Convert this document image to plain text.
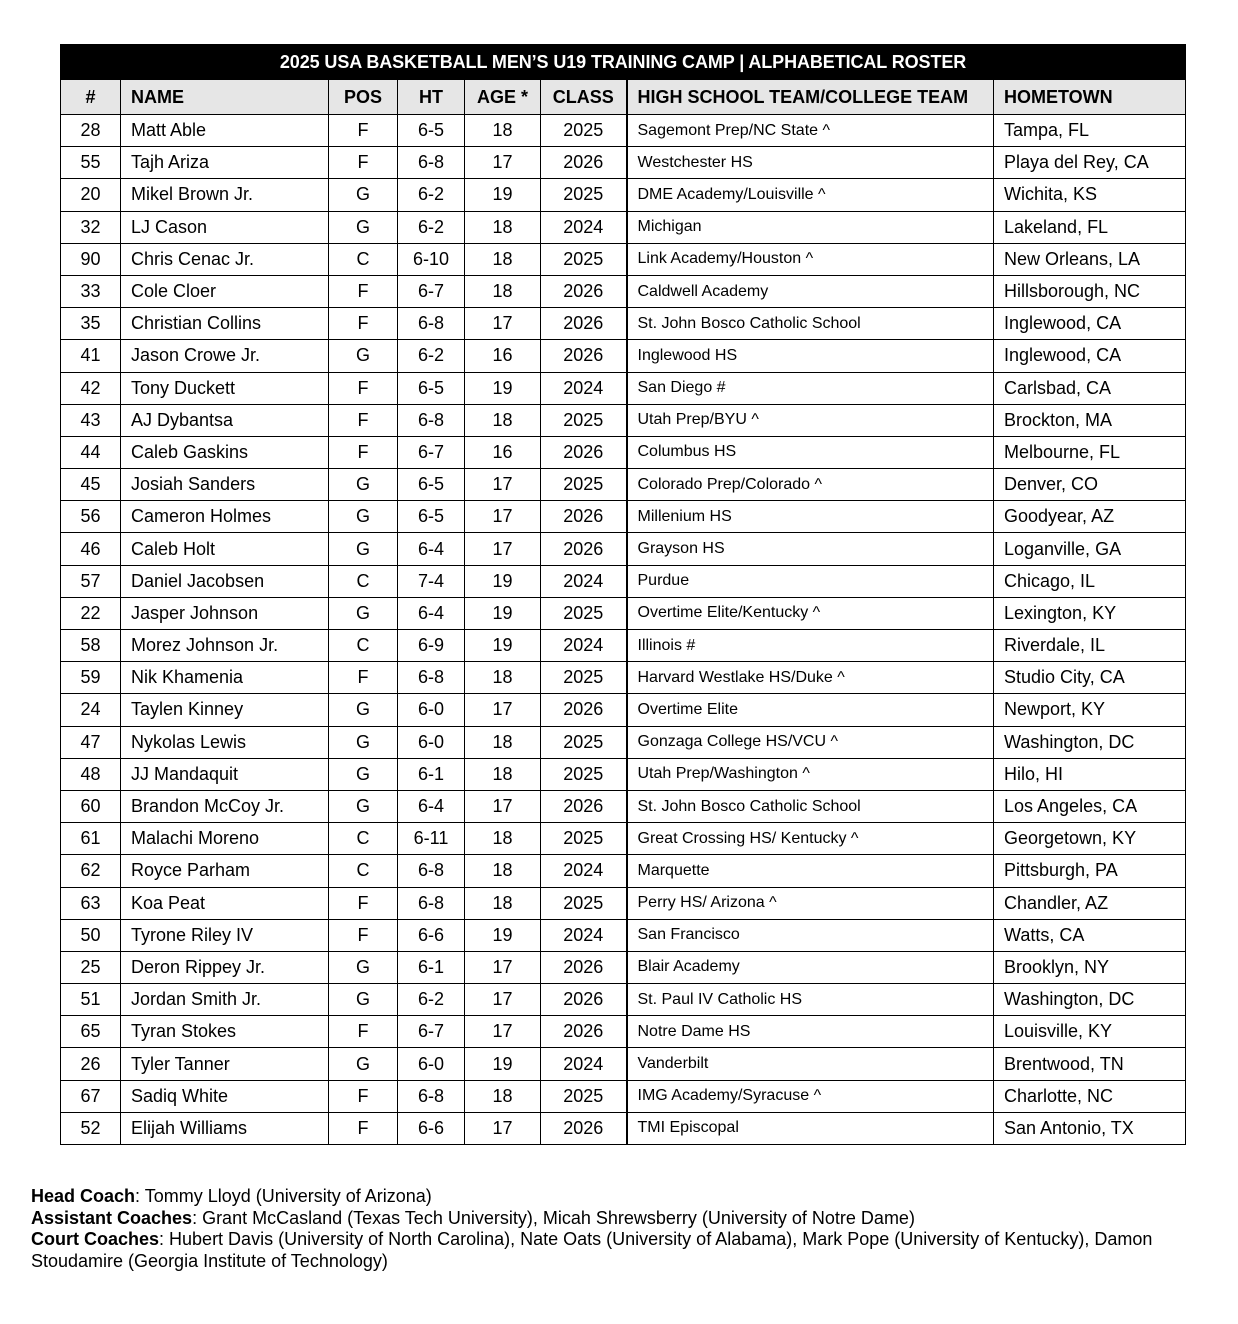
2025 USA BASKETBALL MEN’S U19 TRAINING CAMP | ALPHABETICAL ROSTER							
#	NAME	POS	HT	AGE *	CLASS	HIGH SCHOOL TEAM/COLLEGE TEAM	HOMETOWN
28	Matt Able	F	6-5	18	2025	Sagemont Prep/NC State ^	Tampa, FL
55	Tajh Ariza	F	6-8	17	2026	Westchester HS	Playa del Rey, CA
20	Mikel Brown Jr.	G	6-2	19	2025	DME Academy/Louisville ^	Wichita, KS
32	LJ Cason	G	6-2	18	2024	Michigan	Lakeland, FL
90	Chris Cenac Jr.	C	6-10	18	2025	Link Academy/Houston ^	New Orleans, LA
33	Cole Cloer	F	6-7	18	2026	Caldwell Academy	Hillsborough, NC
35	Christian Collins	F	6-8	17	2026	St. John Bosco Catholic School	Inglewood, CA
41	Jason Crowe Jr.	G	6-2	16	2026	Inglewood HS	Inglewood, CA
42	Tony Duckett	F	6-5	19	2024	San Diego #	Carlsbad, CA
43	AJ Dybantsa	F	6-8	18	2025	Utah Prep/BYU ^	Brockton, MA
44	Caleb Gaskins	F	6-7	16	2026	Columbus HS	Melbourne, FL
45	Josiah Sanders	G	6-5	17	2025	Colorado Prep/Colorado ^	Denver, CO
56	Cameron Holmes	G	6-5	17	2026	Millenium HS	Goodyear, AZ
46	Caleb Holt	G	6-4	17	2026	Grayson HS	Loganville, GA
57	Daniel Jacobsen	C	7-4	19	2024	Purdue	Chicago, IL
22	Jasper Johnson	G	6-4	19	2025	Overtime Elite/Kentucky ^	Lexington, KY
58	Morez Johnson Jr.	C	6-9	19	2024	Illinois #	Riverdale, IL
59	Nik Khamenia	F	6-8	18	2025	Harvard Westlake HS/Duke ^	Studio City, CA
24	Taylen Kinney	G	6-0	17	2026	Overtime Elite	Newport, KY
47	Nykolas Lewis	G	6-0	18	2025	Gonzaga College HS/VCU ^	Washington, DC
48	JJ Mandaquit	G	6-1	18	2025	Utah Prep/Washington ^	Hilo, HI
60	Brandon McCoy Jr.	G	6-4	17	2026	St. John Bosco Catholic School	Los Angeles, CA
61	Malachi Moreno	C	6-11	18	2025	Great Crossing HS/ Kentucky ^	Georgetown, KY
62	Royce Parham	C	6-8	18	2024	Marquette	Pittsburgh, PA
63	Koa Peat	F	6-8	18	2025	Perry HS/ Arizona ^	Chandler, AZ
50	Tyrone Riley IV	F	6-6	19	2024	San Francisco	Watts, CA
25	Deron Rippey Jr.	G	6-1	17	2026	Blair Academy	Brooklyn, NY
51	Jordan Smith Jr.	G	6-2	17	2026	St. Paul IV Catholic HS	Washington, DC
65	Tyran Stokes	F	6-7	17	2026	Notre Dame HS	Louisville, KY
26	Tyler Tanner	G	6-0	19	2024	Vanderbilt	Brentwood, TN
67	Sadiq White	F	6-8	18	2025	IMG Academy/Syracuse ^	Charlotte, NC
52	Elijah Williams	F	6-6	17	2026	TMI Episcopal	San Antonio, TX
Head Coach: Tommy Lloyd (University of Arizona)
Assistant Coaches: Grant McCasland (Texas Tech University), Micah Shrewsberry (University of Notre Dame)
Court Coaches: Hubert Davis (University of North Carolina), Nate Oats (University of Alabama), Mark Pope (University of Kentucky), Damon Stoudamire (Georgia Institute of Technology)
